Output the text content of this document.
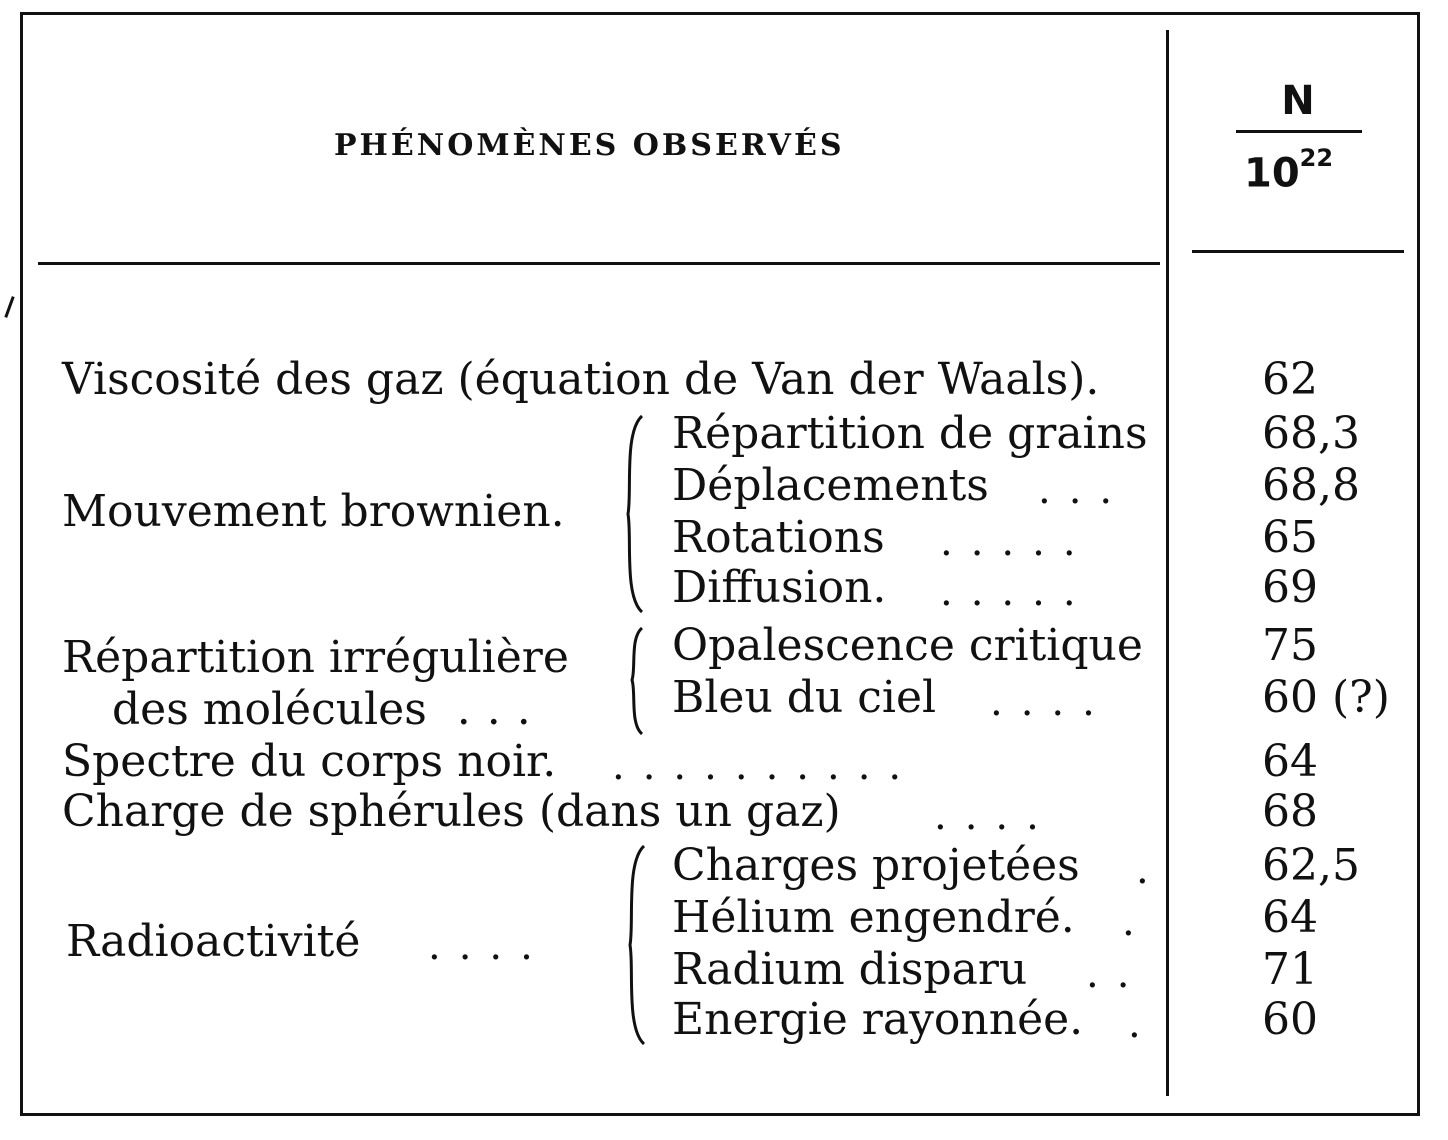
PHÉNOMÈNES OBSERVÉS
N
$10^{22}$
Viscosité des gaz (équation de Van der Waals).	62
Mouvement brownien.
Répartition de grains	68,3
Déplacements ...	68,8
Rotations .....	65
Diffusion. .....	69
Répartition irrégulière
des molécules ...
Opalescence critique	75
Bleu du ciel ....	60 (?)
Spectre du corps noir. ..........	64
Charge de sphérules (dans un gaz) ....	68
Radioactivité ....
Charges projetées . 62,5
Hélium engendré. . 64
Radium disparu ..	71
Energie rayonnée. . 60
